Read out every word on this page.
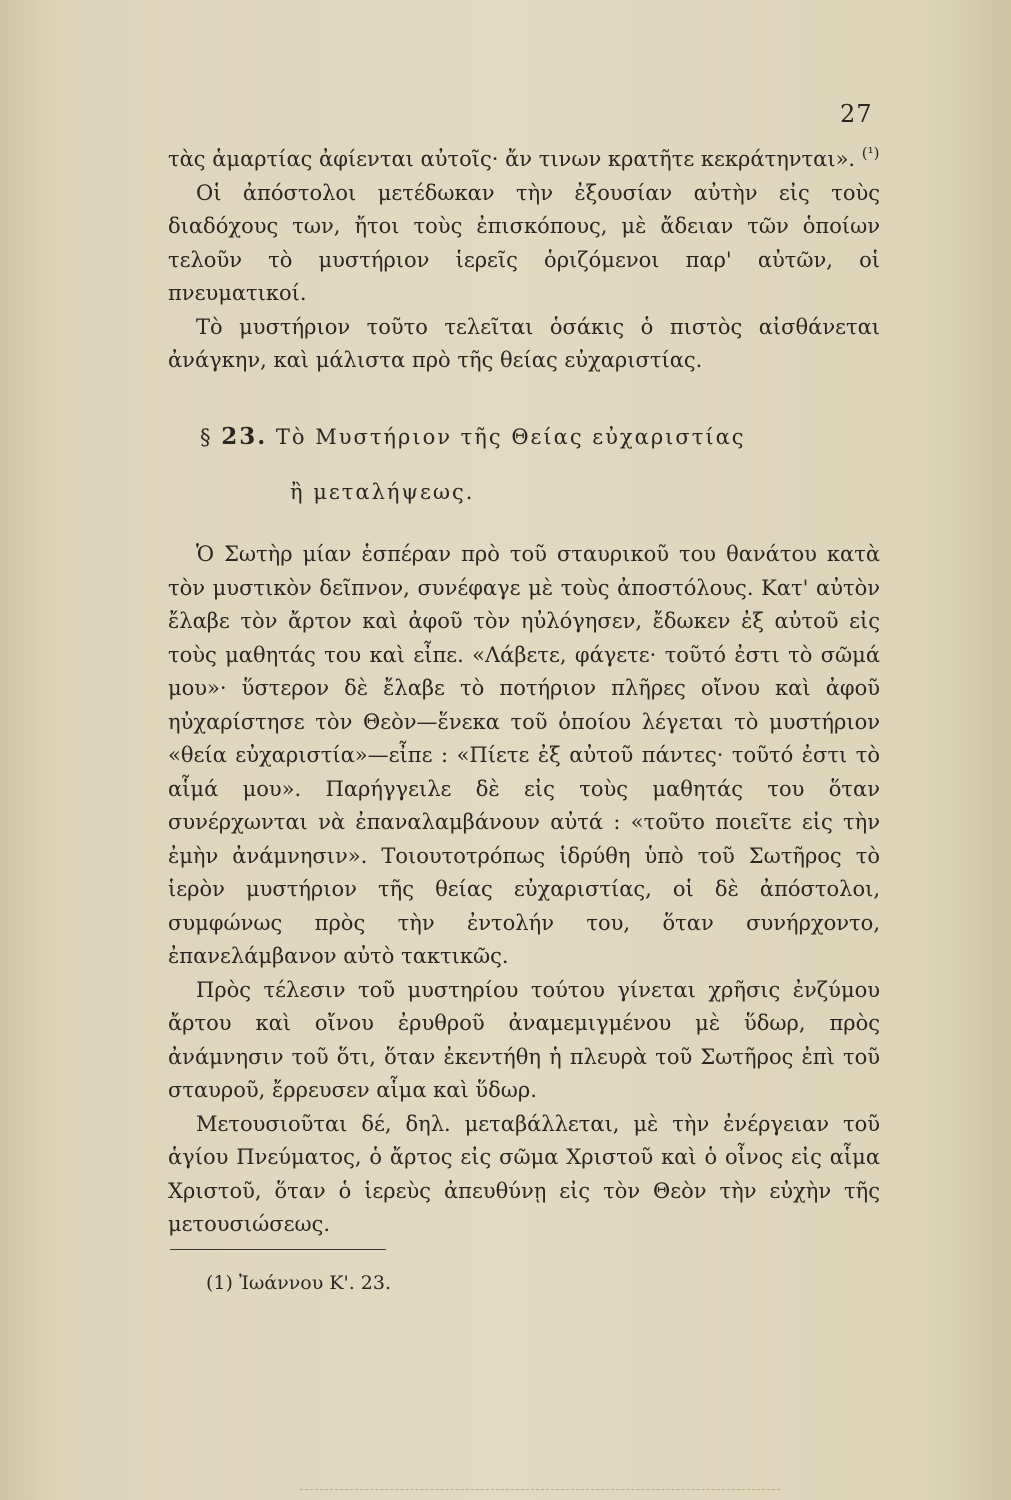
27

τὰς ἁμαρτίας ἀφίενται αὐτοῖς· ἄν τινων κρατῆτε κεκράτηνται». $^{(^1)}$

Οἱ ἀπόστολοι μετέδωκαν τὴν ἐξουσίαν αὐτὴν εἰς τοὺς διαδόχους των, ἤτοι τοὺς ἐπισκόπους, μὲ ἄδειαν τῶν ὁποίων τελοῦν τὸ μυστήριον ἱερεῖς ὁριζόμενοι παρ' αὐτῶν, οἱ πνευματικοί.

Τὸ μυστήριον τοῦτο τελεῖται ὁσάκις ὁ πιστὸς αἰσθάνεται ἀνάγκην, καὶ μάλιστα πρὸ τῆς θείας εὐχαριστίας.

§ 23. Τὸ Μυστήριον τῆς Θείας εὐχαριστίας
ἢ μεταλήψεως.

Ὁ Σωτὴρ μίαν ἑσπέραν πρὸ τοῦ σταυρικοῦ του θανάτου κατὰ τὸν μυστικὸν δεῖπνον, συνέφαγε μὲ τοὺς ἀποστόλους. Κατ' αὐτὸν ἔλαβε τὸν ἄρτον καὶ ἀφοῦ τὸν ηὐλόγησεν, ἔδωκεν ἐξ αὐτοῦ εἰς τοὺς μαθητάς του καὶ εἶπε. «Λάβετε, φάγετε· τοῦτό ἐστι τὸ σῶμά μου»· ὕστερον δὲ ἔλαβε τὸ ποτήριον πλῆρες οἴνου καὶ ἀφοῦ ηὐχαρίστησε τὸν Θεὸν—ἕνεκα τοῦ ὁποίου λέγεται τὸ μυστήριον «θεία εὐχαριστία»—εἶπε : «Πίετε ἐξ αὐτοῦ πάντες· τοῦτό ἐστι τὸ αἷμά μου». Παρήγγειλε δὲ εἰς τοὺς μαθητάς του ὅταν συνέρχωνται νὰ ἐπαναλαμβάνουν αὐτά : «τοῦτο ποιεῖτε εἰς τὴν ἐμὴν ἀνάμνησιν». Τοιουτοτρόπως ἱδρύθη ὑπὸ τοῦ Σωτῆρος τὸ ἱερὸν μυστήριον τῆς θείας εὐχαριστίας, οἱ δὲ ἀπόστολοι, συμφώνως πρὸς τὴν ἐντολήν του, ὅταν συνήρχοντο, ἐπανελάμβανον αὐτὸ τακτικῶς.

Πρὸς τέλεσιν τοῦ μυστηρίου τούτου γίνεται χρῆσις ἐνζύμου ἄρτου καὶ οἴνου ἐρυθροῦ ἀναμεμιγμένου μὲ ὕδωρ, πρὸς ἀνάμνησιν τοῦ ὅτι, ὅταν ἐκεντήθη ἡ πλευρὰ τοῦ Σωτῆρος ἐπὶ τοῦ σταυροῦ, ἔρρευσεν αἷμα καὶ ὕδωρ.

Μετουσιοῦται δέ, δηλ. μεταβάλλεται, μὲ τὴν ἐνέργειαν τοῦ ἁγίου Πνεύματος, ὁ ἄρτος εἰς σῶμα Χριστοῦ καὶ ὁ οἶνος εἰς αἷμα Χριστοῦ, ὅταν ὁ ἱερεὺς ἀπευθύνῃ εἰς τὸν Θεὸν τὴν εὐχὴν τῆς μετουσιώσεως.

(1) Ἰωάννου Κ'. 23.
